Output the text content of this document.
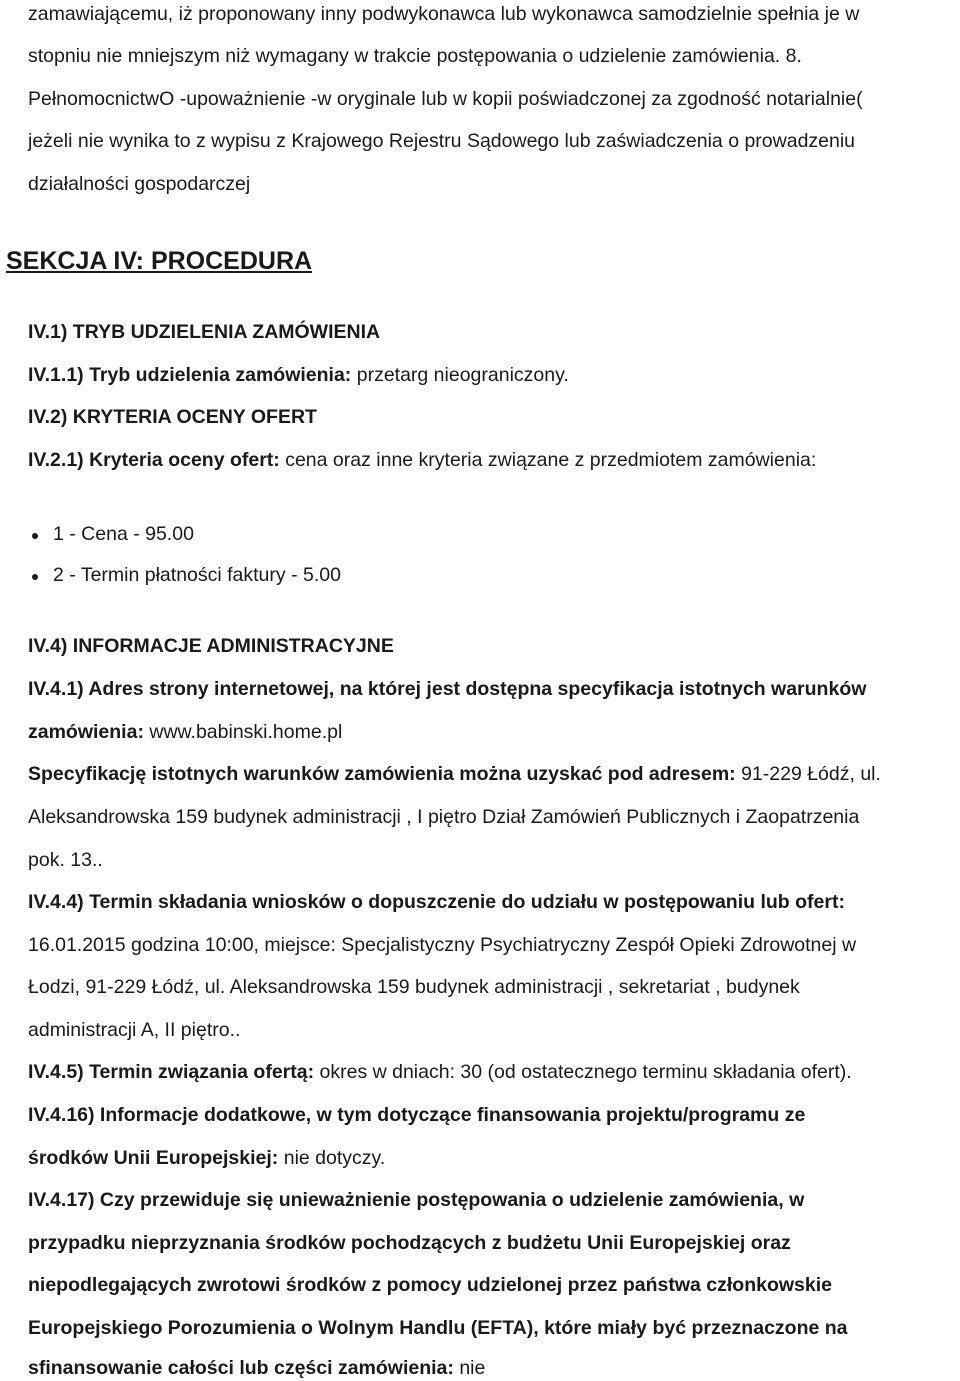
zamawiającemu, iż proponowany inny podwykonawca lub wykonawca samodzielnie spełnia je w
stopniu nie mniejszym niż wymagany w trakcie postępowania o udzielenie zamówienia. 8.
PełnomocnictwO -upoważnienie -w oryginale lub w kopii poświadczonej za zgodność notarialnie(
jeżeli nie wynika to z wypisu z Krajowego Rejestru Sądowego lub zaświadczenia o prowadzeniu
działalności gospodarczej
SEKCJA IV: PROCEDURA
IV.1) TRYB UDZIELENIA ZAMÓWIENIA
IV.1.1) Tryb udzielenia zamówienia: przetarg nieograniczony.
IV.2) KRYTERIA OCENY OFERT
IV.2.1) Kryteria oceny ofert: cena oraz inne kryteria związane z przedmiotem zamówienia:
1 - Cena - 95.00
2 - Termin płatności faktury - 5.00
IV.4) INFORMACJE ADMINISTRACYJNE
IV.4.1) Adres strony internetowej, na której jest dostępna specyfikacja istotnych warunków
zamówienia: www.babinski.home.pl
Specyfikację istotnych warunków zamówienia można uzyskać pod adresem: 91-229 Łódź, ul.
Aleksandrowska 159 budynek administracji , I piętro Dział Zamówień Publicznych i Zaopatrzenia
pok. 13..
IV.4.4) Termin składania wniosków o dopuszczenie do udziału w postępowaniu lub ofert:
16.01.2015 godzina 10:00, miejsce: Specjalistyczny Psychiatryczny Zespół Opieki Zdrowotnej w
Łodzi, 91-229 Łódź, ul. Aleksandrowska 159 budynek administracji , sekretariat , budynek
administracji A, II piętro..
IV.4.5) Termin związania ofertą: okres w dniach: 30 (od ostatecznego terminu składania ofert).
IV.4.16) Informacje dodatkowe, w tym dotyczące finansowania projektu/programu ze
środków Unii Europejskiej: nie dotyczy.
IV.4.17) Czy przewiduje się unieważnienie postępowania o udzielenie zamówienia, w
przypadku nieprzyznania środków pochodzących z budżetu Unii Europejskiej oraz
niepodlegających zwrotowi środków z pomocy udzielonej przez państwa członkowskie
Europejskiego Porozumienia o Wolnym Handlu (EFTA), które miały być przeznaczone na
sfinansowanie całości lub części zamówienia: nie
